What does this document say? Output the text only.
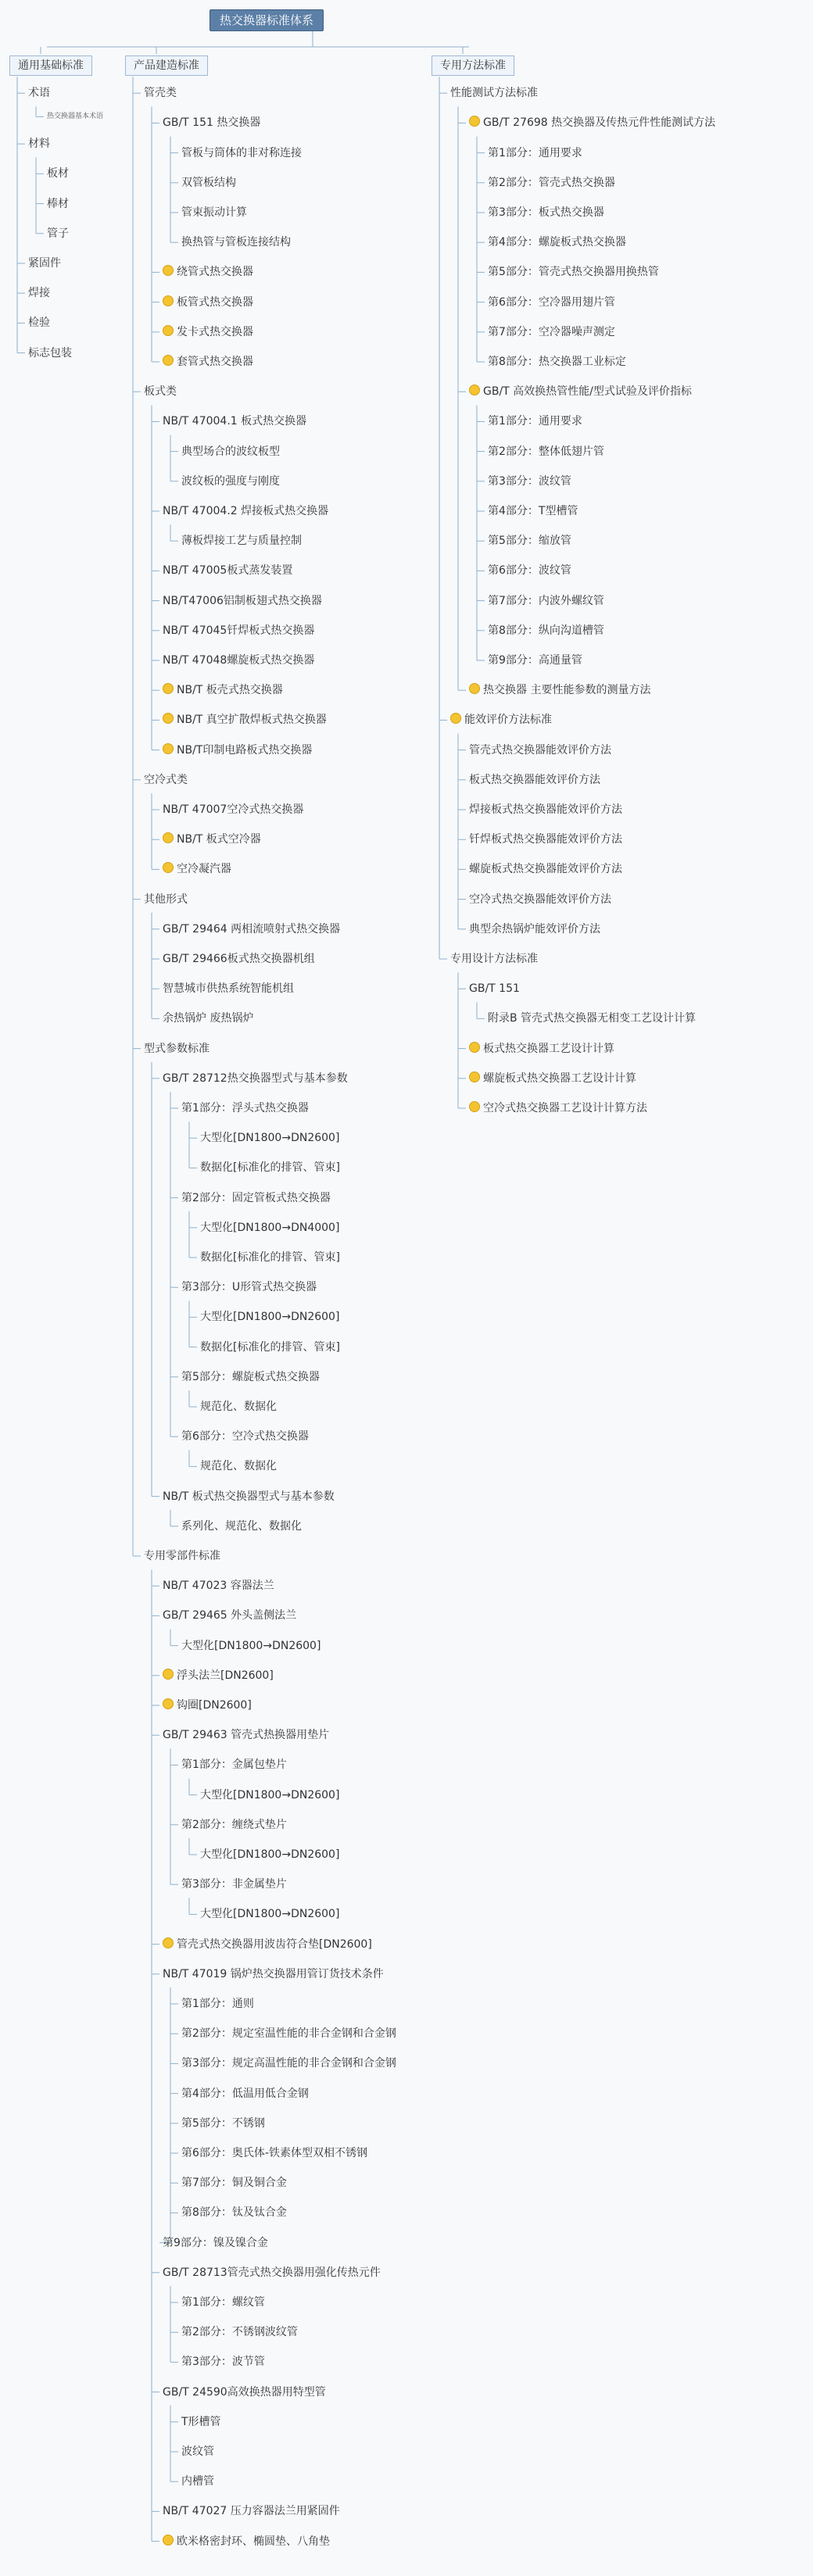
热交换器标准体系
通用基础标准
术语
热交换器基本术语
材料
板材
棒材
管子
紧固件
焊接
检验
标志包装
产品建造标准
管壳类
GB/T 151 热交换器
管板与筒体的非对称连接
双管板结构
管束振动计算
换热管与管板连接结构
绕管式热交换器
板管式热交换器
发卡式热交换器
套管式热交换器
板式类
NB/T 47004.1 板式热交换器
典型场合的波纹板型
波纹板的强度与刚度
NB/T 47004.2 焊接板式热交换器
薄板焊接工艺与质量控制
NB/T 47005板式蒸发装置
NB/T47006铝制板翅式热交换器
NB/T 47045钎焊板式热交换器
NB/T 47048螺旋板式热交换器
NB/T 板壳式热交换器
NB/T 真空扩散焊板式热交换器
NB/T印制电路板式热交换器
空冷式类
NB/T 47007空冷式热交换器
NB/T 板式空冷器
空冷凝汽器
其他形式
GB/T 29464 两相流喷射式热交换器
GB/T 29466板式热交换器机组
智慧城市供热系统智能机组
余热锅炉 废热锅炉
型式参数标准
GB/T 28712热交换器型式与基本参数
第1部分：浮头式热交换器
大型化[DN1800→DN2600]
数据化[标准化的排管、管束]
第2部分：固定管板式热交换器
大型化[DN1800→DN4000]
数据化[标准化的排管、管束]
第3部分：U形管式热交换器
大型化[DN1800→DN2600]
数据化[标准化的排管、管束]
第5部分：螺旋板式热交换器
规范化、数据化
第6部分：空冷式热交换器
规范化、数据化
NB/T 板式热交换器型式与基本参数
系列化、规范化、数据化
专用零部件标准
NB/T 47023 容器法兰
GB/T 29465 外头盖侧法兰
大型化[DN1800→DN2600]
浮头法兰[DN2600]
钩圈[DN2600]
GB/T 29463 管壳式热换器用垫片
第1部分：金属包垫片
大型化[DN1800→DN2600]
第2部分：缠绕式垫片
大型化[DN1800→DN2600]
第3部分：非金属垫片
大型化[DN1800→DN2600]
管壳式热交换器用波齿符合垫[DN2600]
NB/T 47019 锅炉热交换器用管订货技术条件
第1部分：通则
第2部分：规定室温性能的非合金钢和合金钢
第3部分：规定高温性能的非合金钢和合金钢
第4部分：低温用低合金钢
第5部分：不锈钢
第6部分：奥氏体-铁素体型双相不锈钢
第7部分：铜及铜合金
第8部分：钛及钛合金
第9部分：镍及镍合金
GB/T 28713管壳式热交换器用强化传热元件
第1部分：螺纹管
第2部分：不锈钢波纹管
第3部分：波节管
GB/T 24590高效换热器用特型管
T形槽管
波纹管
内槽管
NB/T 47027 压力容器法兰用紧固件
欧米格密封环、椭圆垫、八角垫
专用方法标准
性能测试方法标准
GB/T 27698 热交换器及传热元件性能测试方法
第1部分：通用要求
第2部分：管壳式热交换器
第3部分：板式热交换器
第4部分：螺旋板式热交换器
第5部分：管壳式热交换器用换热管
第6部分：空冷器用翅片管
第7部分：空冷器噪声测定
第8部分：热交换器工业标定
GB/T 高效换热管性能/型式试验及评价指标
第1部分：通用要求
第2部分：整体低翅片管
第3部分：波纹管
第4部分：T型槽管
第5部分：缩放管
第6部分：波纹管
第7部分：内波外螺纹管
第8部分：纵向沟道槽管
第9部分：高通量管
热交换器 主要性能参数的测量方法
能效评价方法标准
管壳式热交换器能效评价方法
板式热交换器能效评价方法
焊接板式热交换器能效评价方法
钎焊板式热交换器能效评价方法
螺旋板式热交换器能效评价方法
空冷式热交换器能效评价方法
典型余热锅炉能效评价方法
专用设计方法标准
GB/T 151
附录B 管壳式热交换器无相变工艺设计计算
板式热交换器工艺设计计算
螺旋板式热交换器工艺设计计算
空冷式热交换器工艺设计计算方法
